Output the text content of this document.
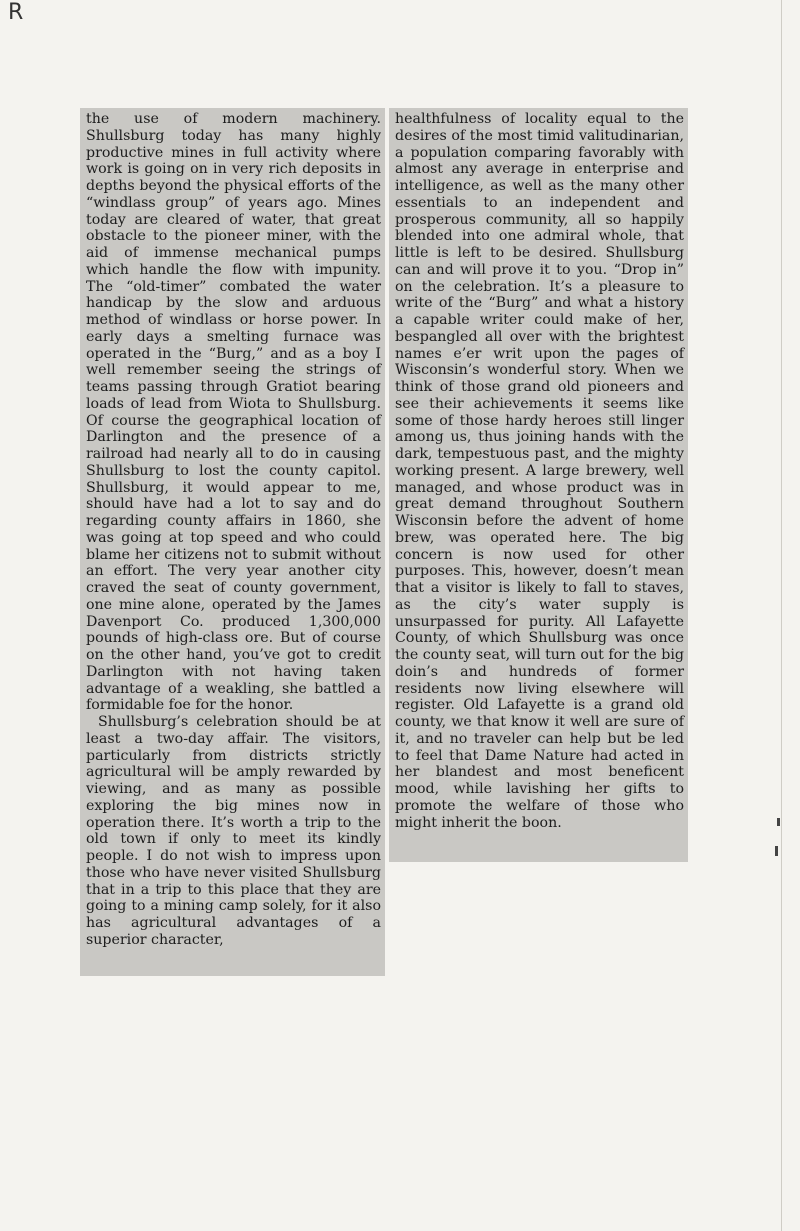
R

the use of modern machinery. Shullsburg today has many highly productive mines in full activity where work is going on in very rich deposits in depths beyond the physical efforts of the “windlass group” of years ago. Mines today are cleared of water, that great obstacle to the pioneer miner, with the aid of immense mechanical pumps which handle the flow with impunity. The “old-timer” combated the water handicap by the slow and arduous method of windlass or horse power. In early days a smelting furnace was operated in the “Burg,” and as a boy I well remember seeing the strings of teams passing through Gratiot bearing loads of lead from Wiota to Shullsburg. Of course the geographical location of Darlington and the presence of a railroad had nearly all to do in causing Shullsburg to lost the county capitol. Shullsburg, it would appear to me, should have had a lot to say and do regarding county affairs in 1860, she was going at top speed and who could blame her citizens not to submit without an effort. The very year another city craved the seat of county government, one mine alone, operated by the James Davenport Co. produced 1,300,000 pounds of high-class ore. But of course on the other hand, you’ve got to credit Darlington with not having taken advantage of a weakling, she battled a formidable foe for the honor.

Shullsburg’s celebration should be at least a two-day affair. The visitors, particularly from districts strictly agricultural will be amply rewarded by viewing, and as many as possible exploring the big mines now in operation there. It’s worth a trip to the old town if only to meet its kindly people. I do not wish to impress upon those who have never visited Shullsburg that in a trip to this place that they are going to a mining camp solely, for it also has agricultural advantages of a superior character,

healthfulness of locality equal to the desires of the most timid valitudinarian, a population comparing favorably with almost any average in enterprise and intelligence, as well as the many other essentials to an independent and prosperous community, all so happily blended into one admiral whole, that little is left to be desired. Shullsburg can and will prove it to you. “Drop in” on the celebration. It’s a pleasure to write of the “Burg” and what a history a capable writer could make of her, bespangled all over with the brightest names e’er writ upon the pages of Wisconsin’s wonderful story. When we think of those grand old pioneers and see their achievements it seems like some of those hardy heroes still linger among us, thus joining hands with the dark, tempestuous past, and the mighty working present. A large brewery, well managed, and whose product was in great demand throughout Southern Wisconsin before the advent of home brew, was operated here. The big concern is now used for other purposes. This, however, doesn’t mean that a visitor is likely to fall to staves, as the city’s water supply is unsurpassed for purity. All Lafayette County, of which Shullsburg was once the county seat, will turn out for the big doin’s and hundreds of former residents now living elsewhere will register. Old Lafayette is a grand old county, we that know it well are sure of it, and no traveler can help but be led to feel that Dame Nature had acted in her blandest and most beneficent mood, while lavishing her gifts to promote the welfare of those who might inherit the boon.
